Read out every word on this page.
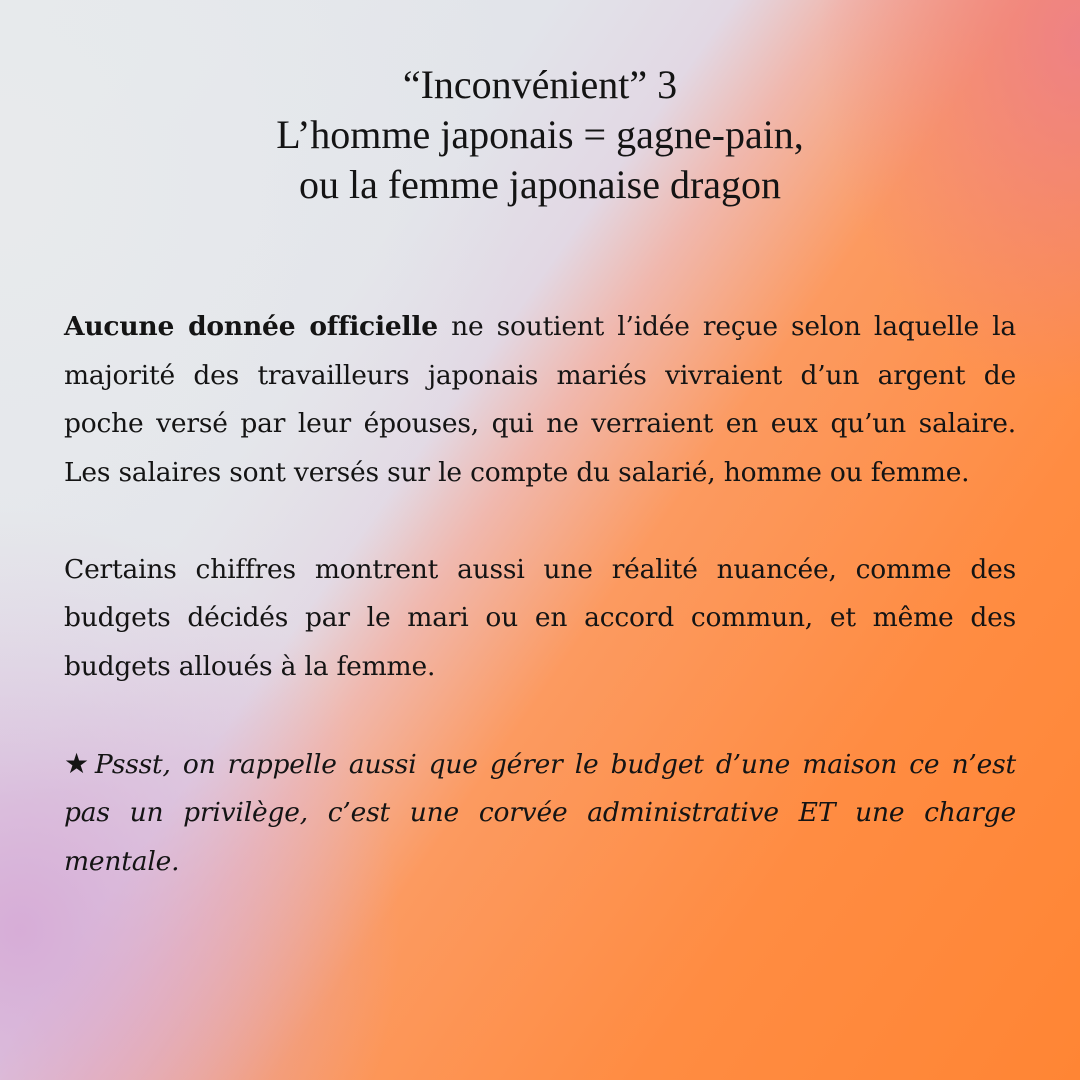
“Inconvénient” 3
L’homme japonais = gagne-pain,
ou la femme japonaise dragon

Aucune donnée officielle ne soutient l’idée reçue selon laquelle la majorité des travailleurs japonais mariés vivraient d’un argent de poche versé par leur épouses, qui ne verraient en eux qu’un salaire. Les salaires sont versés sur le compte du salarié, homme ou femme.

Certains chiffres montrent aussi une réalité nuancée, comme des budgets décidés par le mari ou en accord commun, et même des budgets alloués à la femme.

★ Pssst, on rappelle aussi que gérer le budget d’une maison ce n’est pas un privilège, c’est une corvée administrative ET une charge mentale.
